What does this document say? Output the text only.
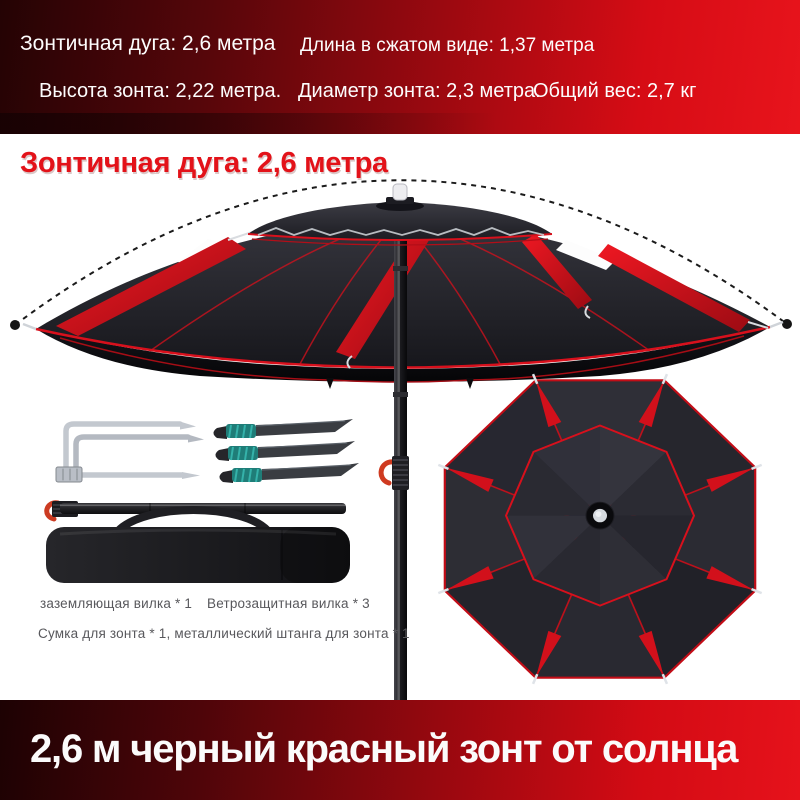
Зонтичная дуга: 2,6 метра Длина в сжатом виде: 1,37 метра
Высота зонта: 2,22 метра. Диаметр зонта: 2,3 метра.
Общий вес: 2,7 кг
Зонтичная дуга: 2,6 метра
заземляющая вилка * 1 Ветрозащитная вилка * 3
Сумка для зонта * 1, металлический штанга для зонта * 1
2,6 м черный красный зонт от солнца
